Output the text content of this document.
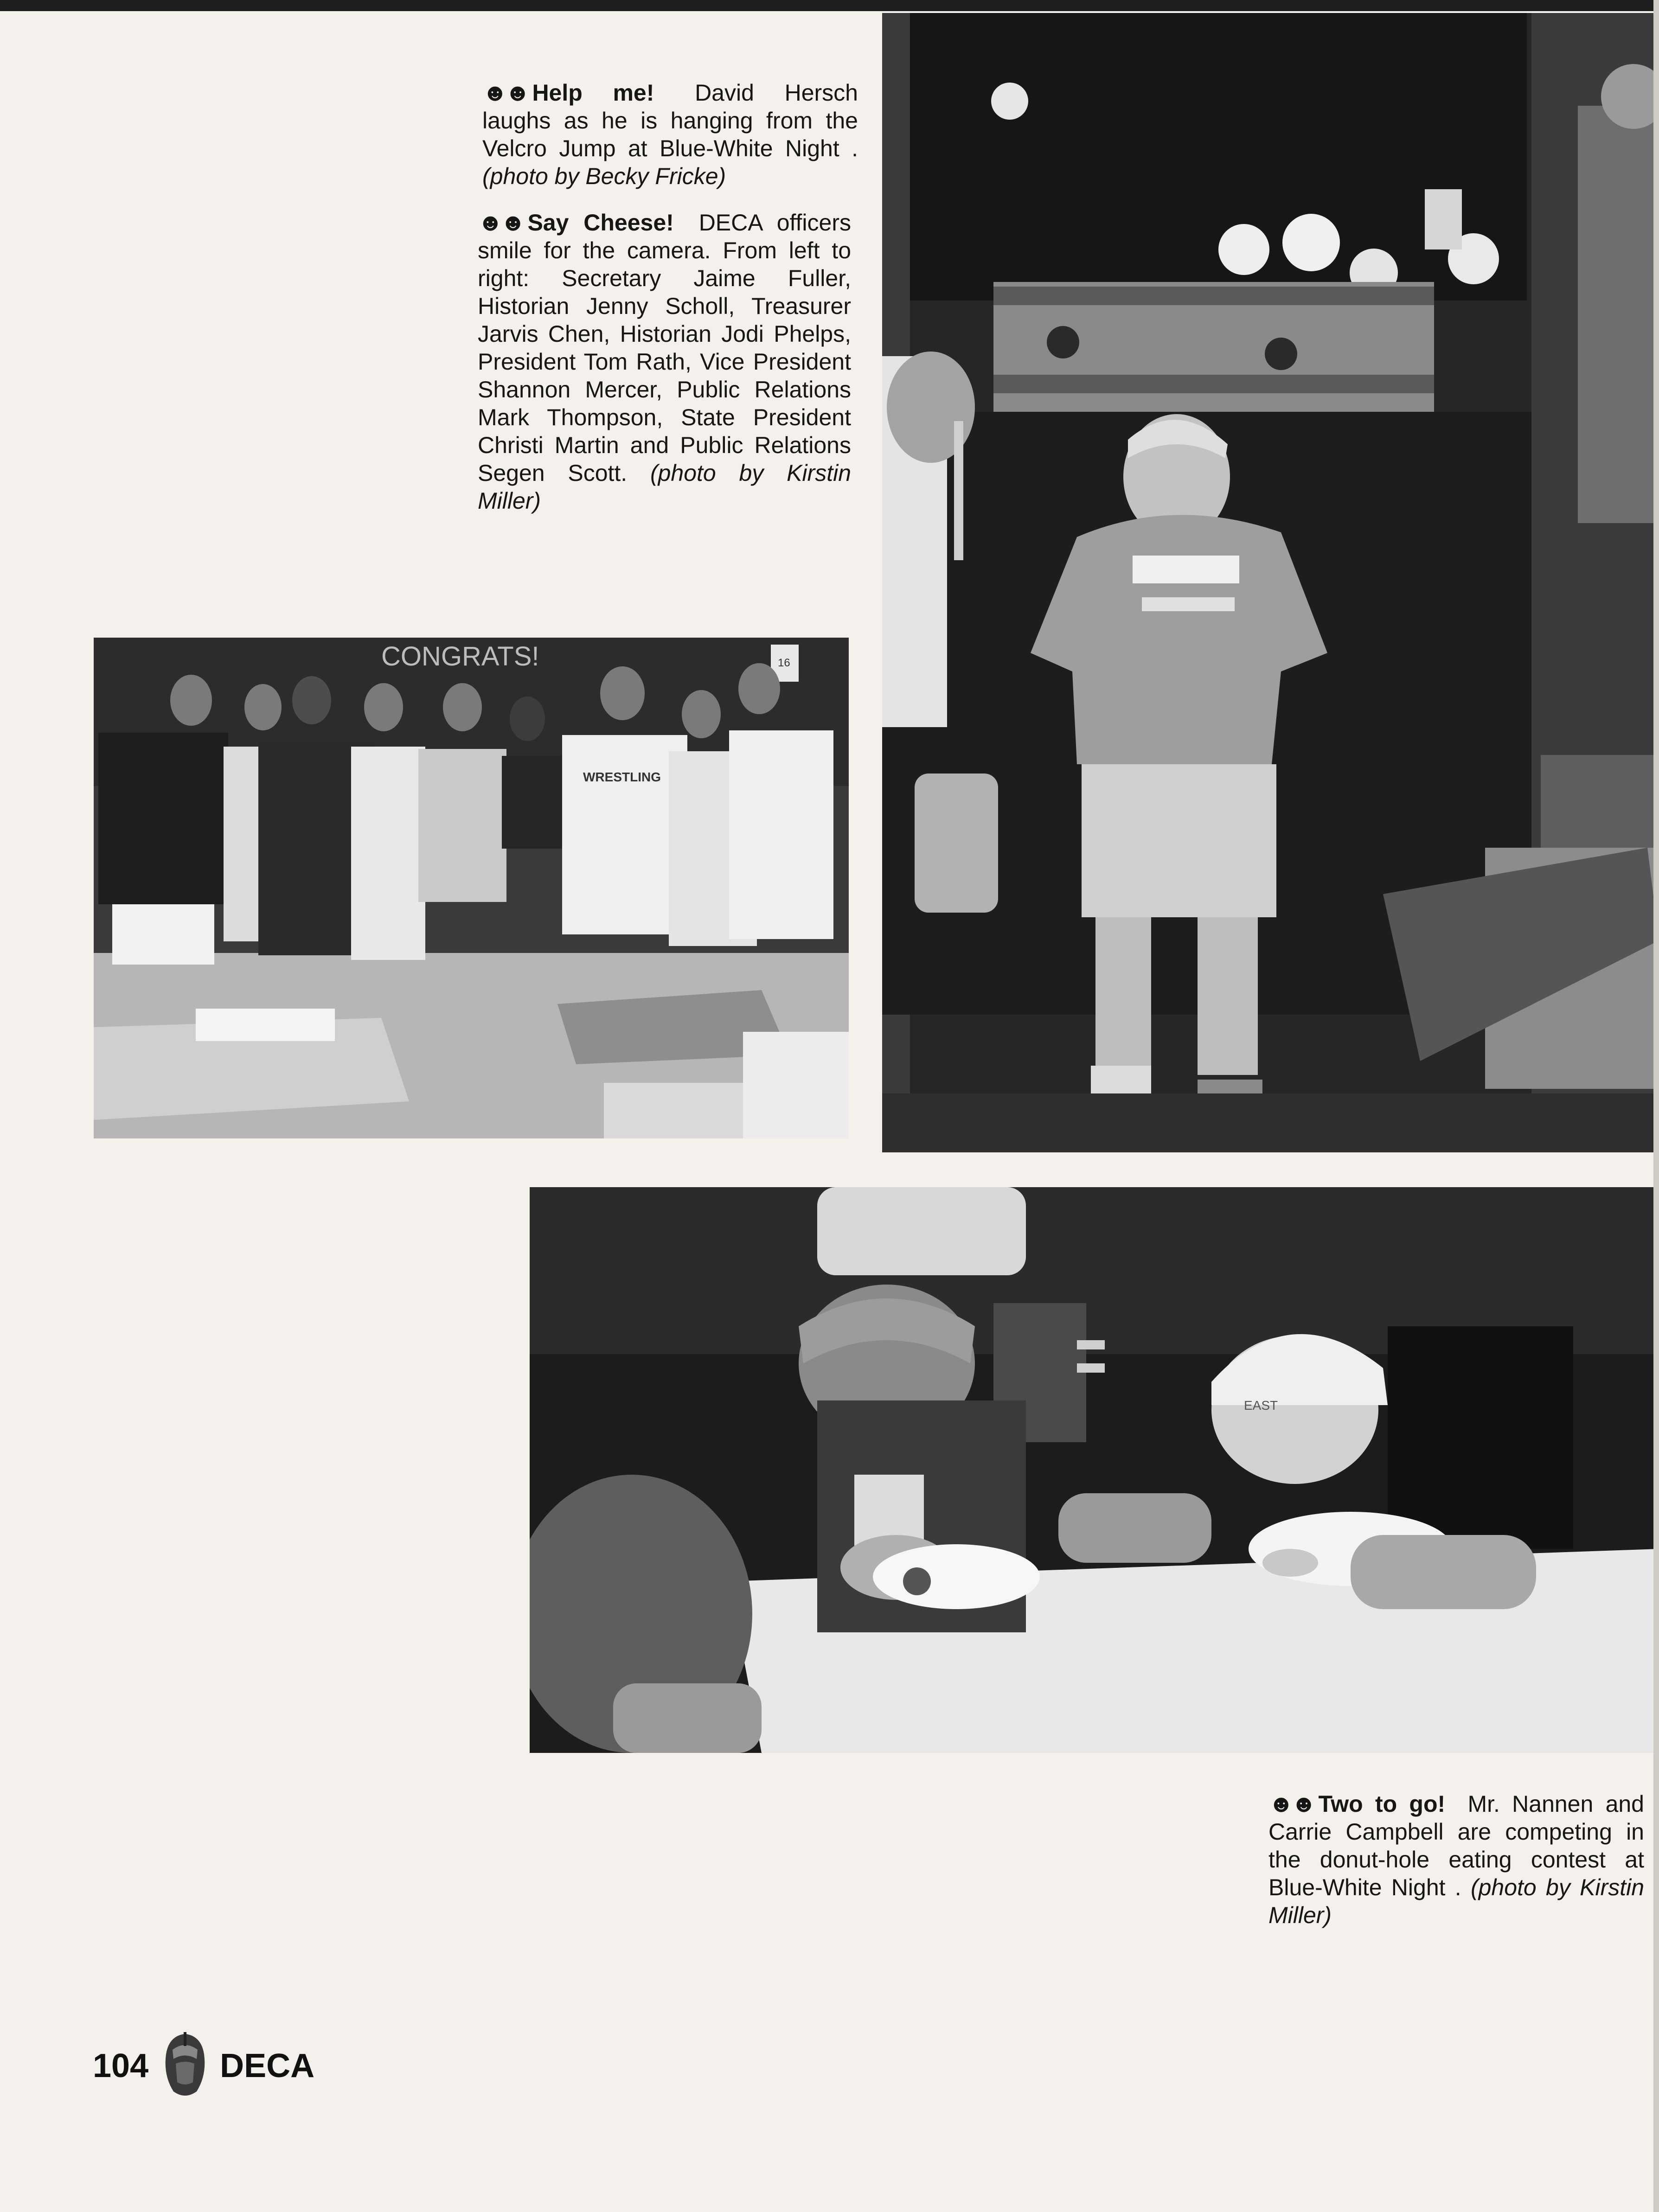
CONGRATS!	16
WRESTLING
EAST
☻☻ Help me! David Hersch laughs as he is hanging from the Velcro Jump at Blue-White Night . (photo by Becky Fricke)
☻☻ Say Cheese! DECA officers smile for the camera. From left to right: Secretary Jaime Fuller, Historian Jenny Scholl, Treasurer Jarvis Chen, Historian Jodi Phelps, President Tom Rath, Vice President Shannon Mercer, Public Relations Mark Thompson, State President Christi Martin and Public Relations Segen Scott. (photo by Kirstin Miller)
☻☻ Two to go! Mr. Nannen and Carrie Campbell are competing in the donut-hole eating contest at Blue-White Night . (photo by Kirstin Miller)
104 DECA
